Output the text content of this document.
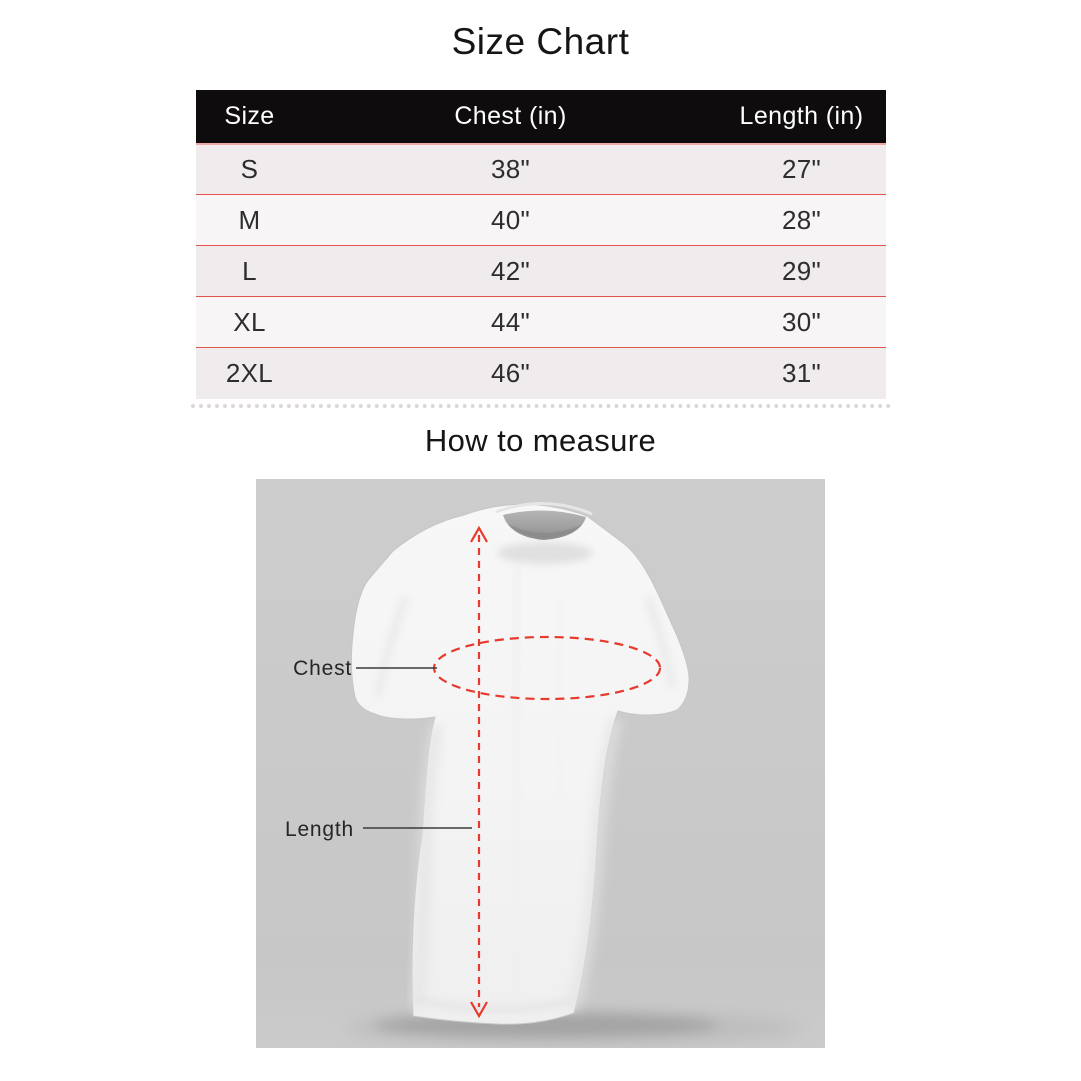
Size Chart
Size	Chest (in)	Length (in)
S	38"	27"
M	40"	28"
L	42"	29"
XL	44"	30"
2XL	46"	31"
How to measure
Chest
Length
